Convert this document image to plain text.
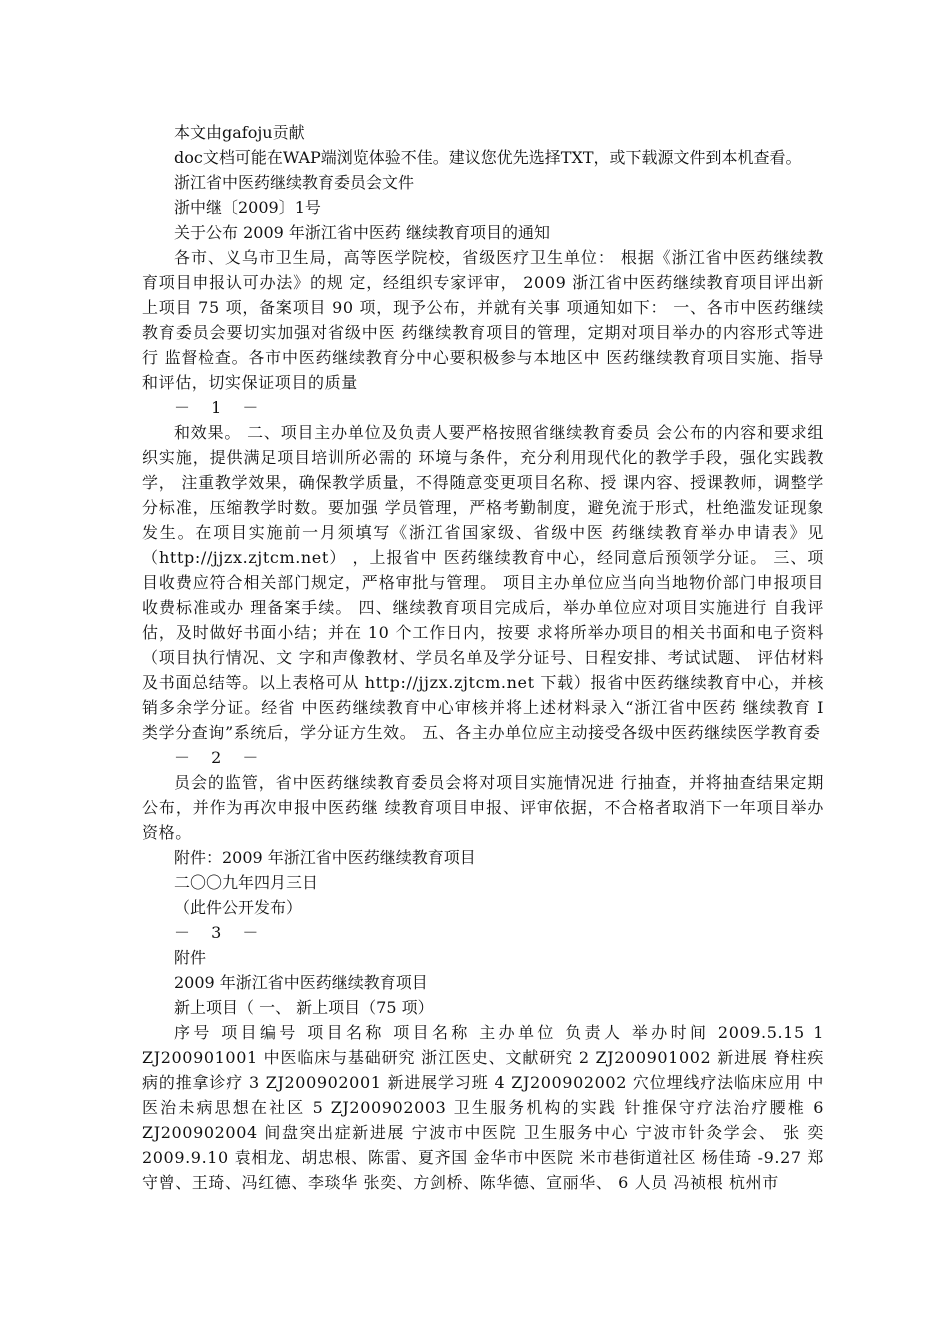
本文由gafoju贡献

doc文档可能在WAP端浏览体验不佳。建议您优先选择TXT，或下载源文件到本机查看。

浙江省中医药继续教育委员会文件

浙中继〔2009〕1号

关于公布 2009 年浙江省中医药 继续教育项目的通知

各市、义乌市卫生局，高等医学院校，省级医疗卫生单位： 根据《浙江省中医药继续教育项目申报认可办法》的规 定，经组织专家评审， 2009 浙江省中医药继续教育项目评出新上项目 75 项，备案项目 90 项，现予公布，并就有关事 项通知如下： 一、各市中医药继续教育委员会要切实加强对省级中医 药继续教育项目的管理，定期对项目举办的内容形式等进行 监督检查。各市中医药继续教育分中心要积极参与本地区中 医药继续教育项目实施、指导和评估，切实保证项目的质量

－ 1 －

和效果。 二、项目主办单位及负责人要严格按照省继续教育委员 会公布的内容和要求组织实施，提供满足项目培训所必需的 环境与条件，充分利用现代化的教学手段，强化实践教学， 注重教学效果，确保教学质量，不得随意变更项目名称、授 课内容、授课教师，调整学分标准，压缩教学时数。要加强 学员管理，严格考勤制度，避免流于形式，杜绝滥发证现象 发生。在项目实施前一月须填写《浙江省国家级、省级中医 药继续教育举办申请表》见（http://jjzx.zjtcm.net） ，上报省中 医药继续教育中心，经同意后预领学分证。 三、项目收费应符合相关部门规定，严格审批与管理。 项目主办单位应当向当地物价部门申报项目收费标准或办 理备案手续。 四、继续教育项目完成后，举办单位应对项目实施进行 自我评估，及时做好书面小结；并在 10 个工作日内，按要 求将所举办项目的相关书面和电子资料（项目执行情况、文 字和声像教材、学员名单及学分证号、日程安排、考试试题、 评估材料及书面总结等。以上表格可从 http://jjzx.zjtcm.net 下载）报省中医药继续教育中心，并核销多余学分证。经省 中医药继续教育中心审核并将上述材料录入“浙江省中医药 继续教育 I 类学分查询”系统后，学分证方生效。 五、各主办单位应主动接受各级中医药继续医学教育委

－ 2 －

员会的监管，省中医药继续教育委员会将对项目实施情况进 行抽查，并将抽查结果定期公布，并作为再次申报中医药继 续教育项目申报、评审依据，不合格者取消下一年项目举办 资格。

附件：2009 年浙江省中医药继续教育项目

二〇〇九年四月三日

（此件公开发布）

－ 3 －

附件

2009 年浙江省中医药继续教育项目

新上项目（ 一、 新上项目（75 项）

序号 项目编号 项目名称 项目名称 主办单位 负责人 举办时间 2009.5.15 1 ZJ200901001 中医临床与基础研究 浙江医史、文献研究 2 ZJ200901002 新进展 脊柱疾病的推拿诊疗 3 ZJ200902001 新进展学习班 4 ZJ200902002 穴位埋线疗法临床应用 中医治未病思想在社区 5 ZJ200902003 卫生服务机构的实践 针推保守疗法治疗腰椎 6 ZJ200902004 间盘突出症新进展 宁波市中医院 卫生服务中心 宁波市针灸学会、 张 奕 2009.9.10 袁相龙、胡忠根、陈雷、夏齐国 金华市中医院 米市巷街道社区 杨佳琦 -9.27 郑守曾、王琦、冯红德、李琰华 张奕、方剑桥、陈华德、宣丽华、 6 人员 冯祯根 杭州市
